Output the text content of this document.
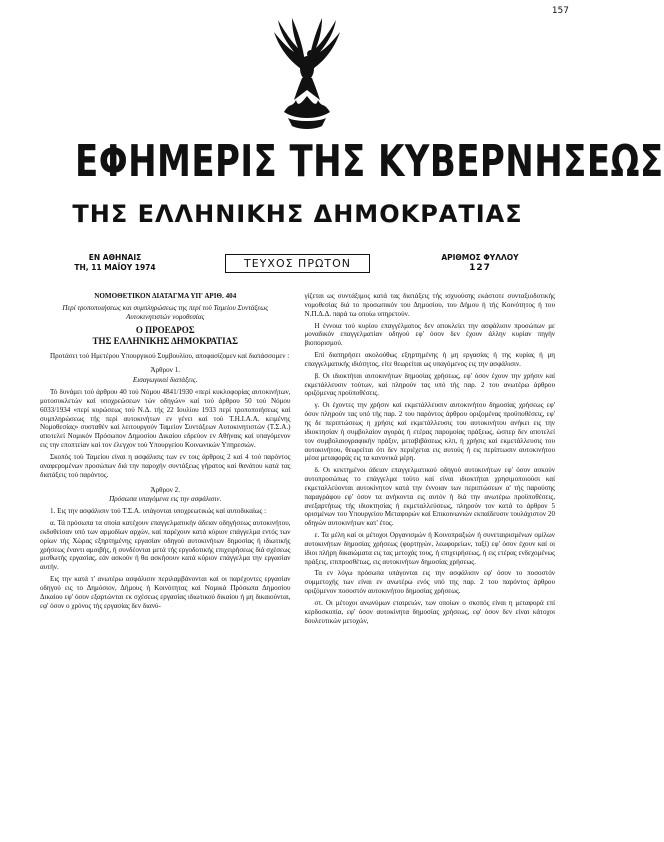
157
ΕΦΗΜΕΡΙΣ ΤΗΣ ΚΥΒΕΡΝΗΣΕΩΣ
ΤΗΣ ΕΛΛΗΝΙΚΗΣ ΔΗΜΟΚΡΑΤΙΑΣ
ΕΝ ΑΘΗΝΑΙΣ
ΤΗ, 11 ΜΑΪΟΥ 1974	ΤΕΥΧΟΣ ΠΡΩΤΟΝ	ΑΡΙΘΜΟΣ ΦΥΛΛΟΥ
127

ΝΟΜΟΘΕΤΙΚΟΝ ΔΙΑΤΑΓΜΑ ΥΠ' ΑΡΙΘ. 404

Περί τροποποιήσεως και συμπληρώσεως της περί τού Ταμείου Συντάξεως Αυτοκινητιστών νομοθεσίας

Ο ΠΡΟΕΔΡΟΣ
ΤΗΣ ΕΛΛΗΝΙΚΗΣ ΔΗΜΟΚΡΑΤΙΑΣ

Προτάσει τού Ημετέρου Υπουργικού Συμβουλίου, αποφασίζομεν καί διατάσσομεν :

Άρθρον 1.

Εισαγωγικαί διατάξεις.

Τό δυνάμει τού άρθρου 40 τού Νόμου 4841/1930 «περί κυκλοφορίας αυτοκινήτων, μοτοσυκλετών καί υποχρεώσεων τών οδηγών» καί τού άρθρου 50 τού Νόμου 6033/1934 «περί κυρώσεως τού Ν.Δ. τής 22 Ιουλίου 1933 περί τροποποιήσεως καί συμπληρώσεως τής περί αυτοκινήτων εν γένει καί τού Τ.Η.Ι.Α.Α. κειμένης Νομοθεσίας» συσταθέν καί λειτουργούν Ταμείον Συντάξεων Αυτοκινητιστών (Τ.Σ.Α.) αποτελεί Νομικόν Πρόσωπον Δημοσίου Δικαίου εδρεύον εν Αθήναις καί υπαγόμενον εις την εποπτείαν καί τον έλεγχον τού Υπουργείου Κοινωνικών Υπηρεσιών.

Σκοπός τού Ταμείου είναι η ασφάλισις των εν τοις άρθροις 2 καί 4 τού παρόντος αναφερομένων προσώπων διά την παροχήν συντάξεως γήρατος καί θανάτου κατά τας διατάξεις τού παρόντος.

Άρθρον 2.

Πρόσωπα υπαγόμενα εις την ασφάλισιν.

1. Εις την ασφάλισιν τού Τ.Σ.Α. υπάγονται υποχρεωτικώς καί αυτοδικαίως :

α. Τά πρόσωπα τα οποία κατέχουν επαγγελματικήν άδειαν οδηγήσεως αυτοκινήτου, εκδοθείσαν υπό των αρμοδίων αρχών, καί παρέχουν κατά κύριον επάγγελμα εντός των ορίων τής Χώρας εξηρτημένης εργασίαν οδηγού αυτοκινήτων δημοσίας ή ιδιωτικής χρήσεως έναντι αμοιβής, ή συνδέονται μετά τής εργοδοτικής επιχειρήσεως διά σχέσεως μισθωτής εργασίας, εάν ασκούν ή θα ασκήσουν κατά κύριον επάγγελμα την εργασίαν αυτήν.

Εις την κατά τ' ανωτέρω ασφάλισιν περιλαμβάνονται καί οι παρέχοντες εργασίαν οδηγού εις το Δημόσιον, Δήμους ή Κοινότητας καί Νομικά Πρόσωπα Δημοσίου Δικαίου εφ' όσον εξαρτώνται εκ σχέσεως εργασίας ιδιωτικού δικαίου ή μη δικαιούνται, εφ' όσον ο χρόνος τής εργασίας δεν διανύ-

γίζεται ως συντάξιμος κατά τας διατάξεις τής ισχυούσης εκάστοτε συνταξιοδοτικής νομοθεσίας διά το προσωπικόν του Δημοσίου, του Δήμου ή τής Κοινότητος ή του Ν.Π.Δ.Δ. παρά τω οποίω υπηρετούν.

Η έννοια τού κυρίου επαγγέλματος δεν αποκλείει την ασφάλισιν προσώπων με μοναδικόν επαγγελματίαν οδηγού εφ' όσον δεν έχουν άλλην κυρίαν πηγήν βιοπορισμού.

Επί διατηρήσει ακολούθως εξηρτημένης ή μη εργασίας ή της κυρίας ή μη επαγγελματικής ιδιότητος, είτε θεωρείται ως υπαγόμενος εις την ασφάλισιν.

β. Οι ιδιοκτήται αυτοκινήτων δημοσίας χρήσεως, εφ' όσον έχουν την χρήσιν καί εκμετάλλευσιν τούτων, καί πληρούν τας υπό τής παρ. 2 του ανωτέρω άρθρου οριζόμενας προϋποθέσεις.

γ. Οι έχοντες την χρήσιν καί εκμετάλλευσιν αυτοκινήτου δημοσίας χρήσεως εφ' όσον πληρούν τας υπό τής παρ. 2 του παρόντος άρθρου οριζομένας προϋποθέσεις, εφ' ης δε περιπτώσεως η χρήσις καί εκμετάλλευσις του αυτοκινήτου ανήκει εις την ιδιοκτησίαν ή συμβολαίον αγοράς ή ετέρας παρομοίας πράξεως, ώσπερ δεν αποτελεί τον συμβολαιογραφικήν πράξιν, μεταβιβάσεως κλπ, ή χρήσις καί εκμετάλλευσις του αυτοκινήτου, θεωρείται ότι δεν περιέχεται εις αυτούς ή εις περίπτωσιν αυτοκινήτου μέσα μεταφοράς εις τα κανονικά μέρη.

δ. Οι κεκτημένοι άδειαν επαγγελματικού οδηγού αυτοκινήτων εφ' όσον ασκούν αυτοπροσώπως το επάγγελμα τούτο καί είναι ιδιοκτήται χρησιμοποιούσι καί εκμεταλλεύονται αυτοκίνητον κατά την έννοιαν των περιπτώσεων α' τής παρούσης παραγράφου εφ' όσον τα ανήκοντα εις αυτόν ή διά την ανωτέρω προϋποθέσεις, ανεξαρτήτως τής ιδιοκτησίας ή εκμεταλλεύσεως, πληρούν τον κατά το άρθρον 5 ορισμένων του Υπουργείου Μεταφορών καί Επικοινωνιών εκπαίδευσιν τουλάχιστον 20 οδηγών αυτοκινήτων κατ' έτος.

ε. Τα μέλη καί οι μέτοχοι Οργανισμών ή Κοινοπραξιών ή συνεταιρισμένων ομίλων αυτοκινήτων δημοσίας χρήσεως (φορτηγών, λεωφορείων, ταξί) εφ' όσον έχουν καί οι ίδιοι πλήρη δικαιώματα εις τας μετοχάς τους, ή επιχειρήσεως, ή εις ετέρας ενδεχομένως πράξεις, επιπροσθέτως, εις αυτοκινήτων δημοσίας χρήσεως.

Τα εν λόγω πρόσωπα υπάγονται εις την ασφάλισιν εφ' όσον το ποσοστόν συμμετοχής των είναι εν ανωτέρω ενός υπό της παρ. 2 του παρόντος άρθρου οριζόμενον ποσοστόν αυτοκινήτου δημοσίας χρήσεως.

στ. Οι μέτοχοι ανωνύμων εταιρειών, των οποίων ο σκοπός είναι η μεταφορά επί κερδοσκοπία, εφ' όσον αυτοκίνητα δημοσίας χρήσεως, εφ' όσον δεν είναι κάτοχοι δουλευτικών μετοχών,
